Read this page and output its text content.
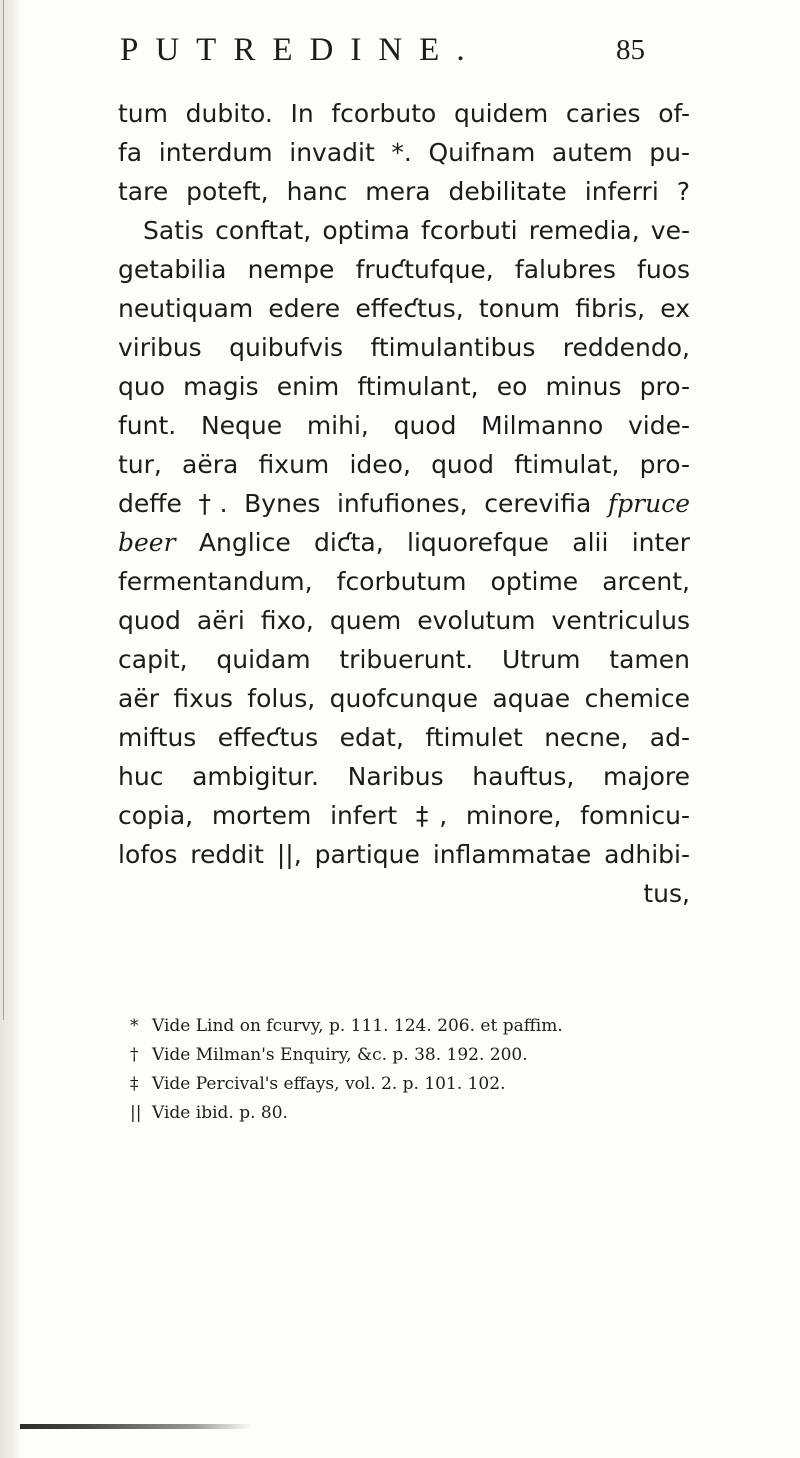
PUTREDINE.	85
tum dubito. In fcorbuto quidem caries of-
fa interdum invadit *. Quifnam autem pu-
tare poteft, hanc mera debilitate inferri ?
Satis conftat, optima fcorbuti remedia, ve-
getabilia nempe fruƈtufque, falubres fuos
neutiquam edere effeƈtus, tonum fibris, ex
viribus quibufvis ftimulantibus reddendo,
quo magis enim ftimulant, eo minus pro-
funt. Neque mihi, quod Milmanno vide-
tur, aëra fixum ideo, quod ftimulat, pro-
deffe †. Bynes infufiones, cerevifia fpruce
beer Anglice diƈta, liquorefque alii inter
fermentandum, fcorbutum optime arcent,
quod aëri fixo, quem evolutum ventriculus
capit, quidam tribuerunt. Utrum tamen
aër fixus folus, quofcunque aquae chemice
miftus effeƈtus edat, ftimulet necne, ad-
huc ambigitur. Naribus hauftus, majore
copia, mortem infert ‡, minore, fomnicu-
lofos reddit ||, partique inflammatae adhibi-
tus,
* Vide Lind on fcurvy, p. 111. 124. 206. et paffim.
† Vide Milman's Enquiry, &c. p. 38. 192. 200.
‡ Vide Percival's effays, vol. 2. p. 101. 102.
|| Vide ibid. p. 80.
